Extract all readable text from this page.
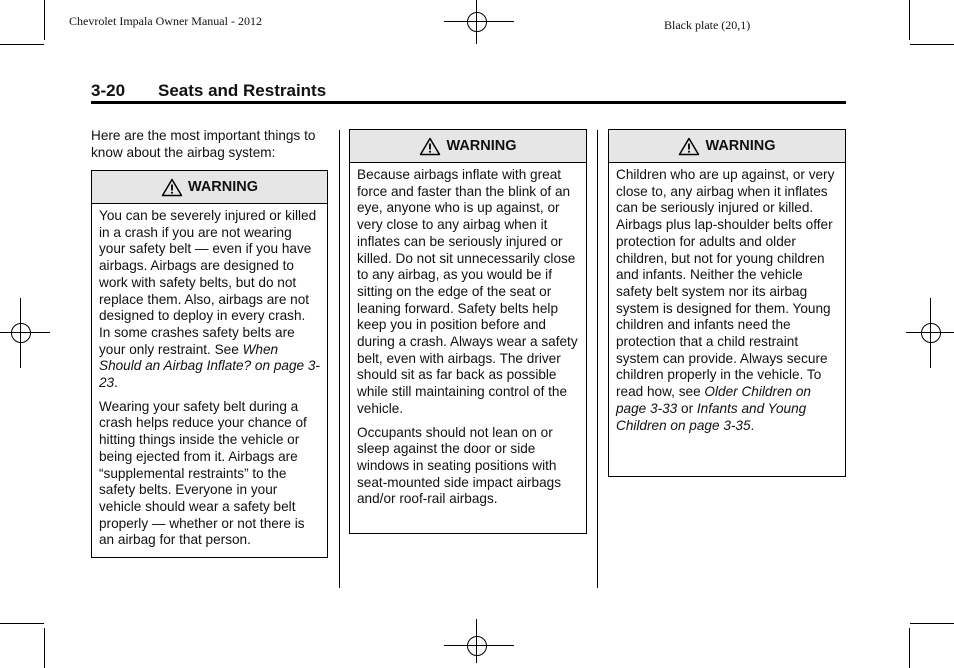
Chevrolet Impala Owner Manual - 2012	Black plate (20,1)
3-20 Seats and Restraints
Here are the most important things to know about the airbag system:
WARNING

You can be severely injured or killed in a crash if you are not wearing your safety belt — even if you have airbags. Airbags are designed to work with safety belts, but do not replace them. Also, airbags are not designed to deploy in every crash. In some crashes safety belts are your only restraint. See When Should an Airbag Inflate? on page 3-23.

Wearing your safety belt during a crash helps reduce your chance of hitting things inside the vehicle or being ejected from it. Airbags are “supplemental restraints” to the safety belts. Everyone in your vehicle should wear a safety belt properly — whether or not there is an airbag for that person.

WARNING

Because airbags inflate with great force and faster than the blink of an eye, anyone who is up against, or very close to any airbag when it inflates can be seriously injured or killed. Do not sit unnecessarily close to any airbag, as you would be if sitting on the edge of the seat or leaning forward. Safety belts help keep you in position before and during a crash. Always wear a safety belt, even with airbags. The driver should sit as far back as possible while still maintaining control of the vehicle.

Occupants should not lean on or sleep against the door or side windows in seating positions with seat-mounted side impact airbags and/or roof-rail airbags.

WARNING

Children who are up against, or very close to, any airbag when it inflates can be seriously injured or killed. Airbags plus lap-shoulder belts offer protection for adults and older children, but not for young children and infants. Neither the vehicle safety belt system nor its airbag system is designed for them. Young children and infants need the protection that a child restraint system can provide. Always secure children properly in the vehicle. To read how, see Older Children on page 3-33 or Infants and Young Children on page 3-35.
